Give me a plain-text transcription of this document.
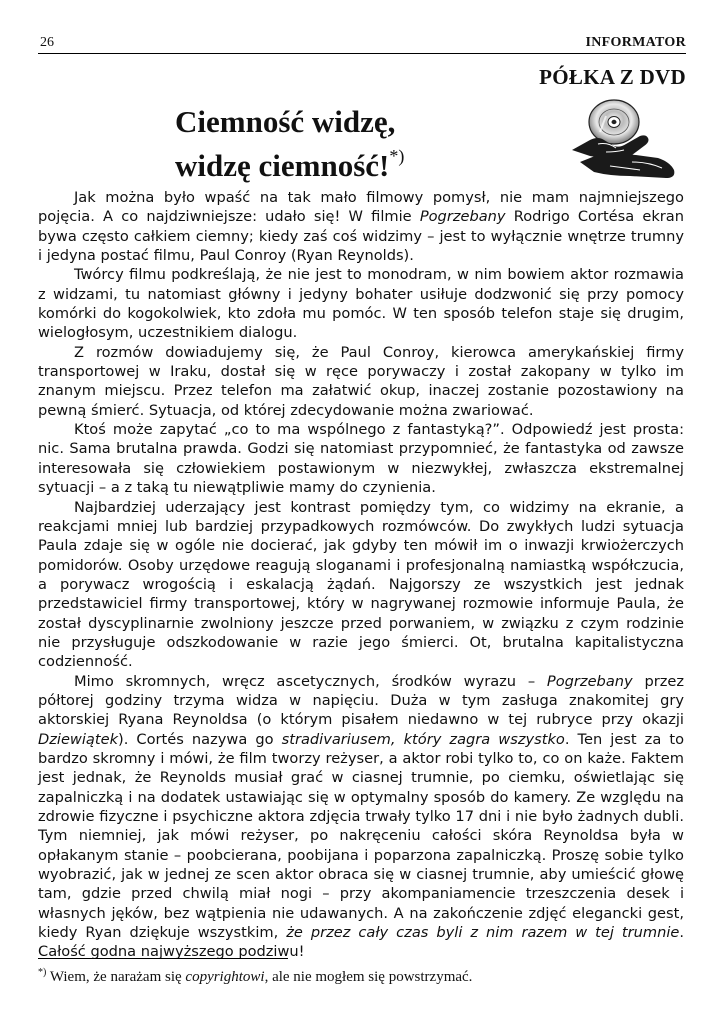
26	INFORMATOR
PÓŁKA Z DVD
Ciemność widzę,
widzę ciemność!*)

Jak można było wpaść na tak mało filmowy pomysł, nie mam najmniejszego pojęcia. A co najdziwniejsze: udało się! W filmie Pogrzebany Rodrigo Cortésa ekran bywa często całkiem ciemny; kiedy zaś coś widzimy – jest to wyłącznie wnętrze trumny i jedyna postać filmu, Paul Conroy (Ryan Reynolds).

Twórcy filmu podkreślają, że nie jest to monodram, w nim bowiem aktor rozmawia z widzami, tu natomiast główny i jedyny bohater usiłuje dodzwonić się przy pomocy komórki do kogokolwiek, kto zdoła mu pomóc. W ten sposób telefon staje się drugim, wielogłosym, uczestnikiem dialogu.

Z rozmów dowiadujemy się, że Paul Conroy, kierowca amerykańskiej firmy transportowej w Iraku, dostał się w ręce porywaczy i został zakopany w tylko im znanym miejscu. Przez telefon ma załatwić okup, inaczej zostanie pozostawiony na pewną śmierć. Sytuacja, od której zdecydowanie można zwariować.

Ktoś może zapytać „co to ma wspólnego z fantastyką?”. Odpowiedź jest prosta: nic. Sama brutalna prawda. Godzi się natomiast przypomnieć, że fantastyka od zawsze interesowała się człowiekiem postawionym w niezwykłej, zwłaszcza ekstremalnej sytuacji – a z taką tu niewątpliwie mamy do czynienia.

Najbardziej uderzający jest kontrast pomiędzy tym, co widzimy na ekranie, a reakcjami mniej lub bardziej przypadkowych rozmówców. Do zwykłych ludzi sytuacja Paula zdaje się w ogóle nie docierać, jak gdyby ten mówił im o inwazji krwiożerczych pomidorów. Osoby urzędowe reagują sloganami i profesjonalną namiastką współczucia, a porywacz wrogością i eskalacją żądań. Najgorszy ze wszystkich jest jednak przedstawiciel firmy transportowej, który w nagrywanej rozmowie informuje Paula, że został dyscyplinarnie zwolniony jeszcze przed porwaniem, w związku z czym rodzinie nie przysługuje odszkodowanie w razie jego śmierci. Ot, brutalna kapitalistyczna codzienność.

Mimo skromnych, wręcz ascetycznych, środków wyrazu – Pogrzebany przez półtorej godziny trzyma widza w napięciu. Duża w tym zasługa znakomitej gry aktorskiej Ryana Reynoldsa (o którym pisałem niedawno w tej rubryce przy okazji Dziewiątek). Cortés nazywa go stradivariusem, który zagra wszystko. Ten jest za to bardzo skromny i mówi, że film tworzy reżyser, a aktor robi tylko to, co on każe. Faktem jest jednak, że Reynolds musiał grać w ciasnej trumnie, po ciemku, oświetlając się zapalniczką i na dodatek ustawiając się w optymalny sposób do kamery. Ze względu na zdrowie fizyczne i psychiczne aktora zdjęcia trwały tylko 17 dni i nie było żadnych dubli. Tym niemniej, jak mówi reżyser, po nakręceniu całości skóra Reynoldsa była w opłakanym stanie – poobcierana, poobijana i poparzona zapalniczką. Proszę sobie tylko wyobrazić, jak w jednej ze scen aktor obraca się w ciasnej trumnie, aby umieścić głowę tam, gdzie przed chwilą miał nogi – przy akompaniamencie trzeszczenia desek i własnych jęków, bez wątpienia nie udawanych. A na zakończenie zdjęć elegancki gest, kiedy Ryan dziękuje wszystkim, że przez cały czas byli z nim razem w tej trumnie. Całość godna najwyższego podziwu!

*) Wiem, że narażam się copyrightowi, ale nie mogłem się powstrzymać.
